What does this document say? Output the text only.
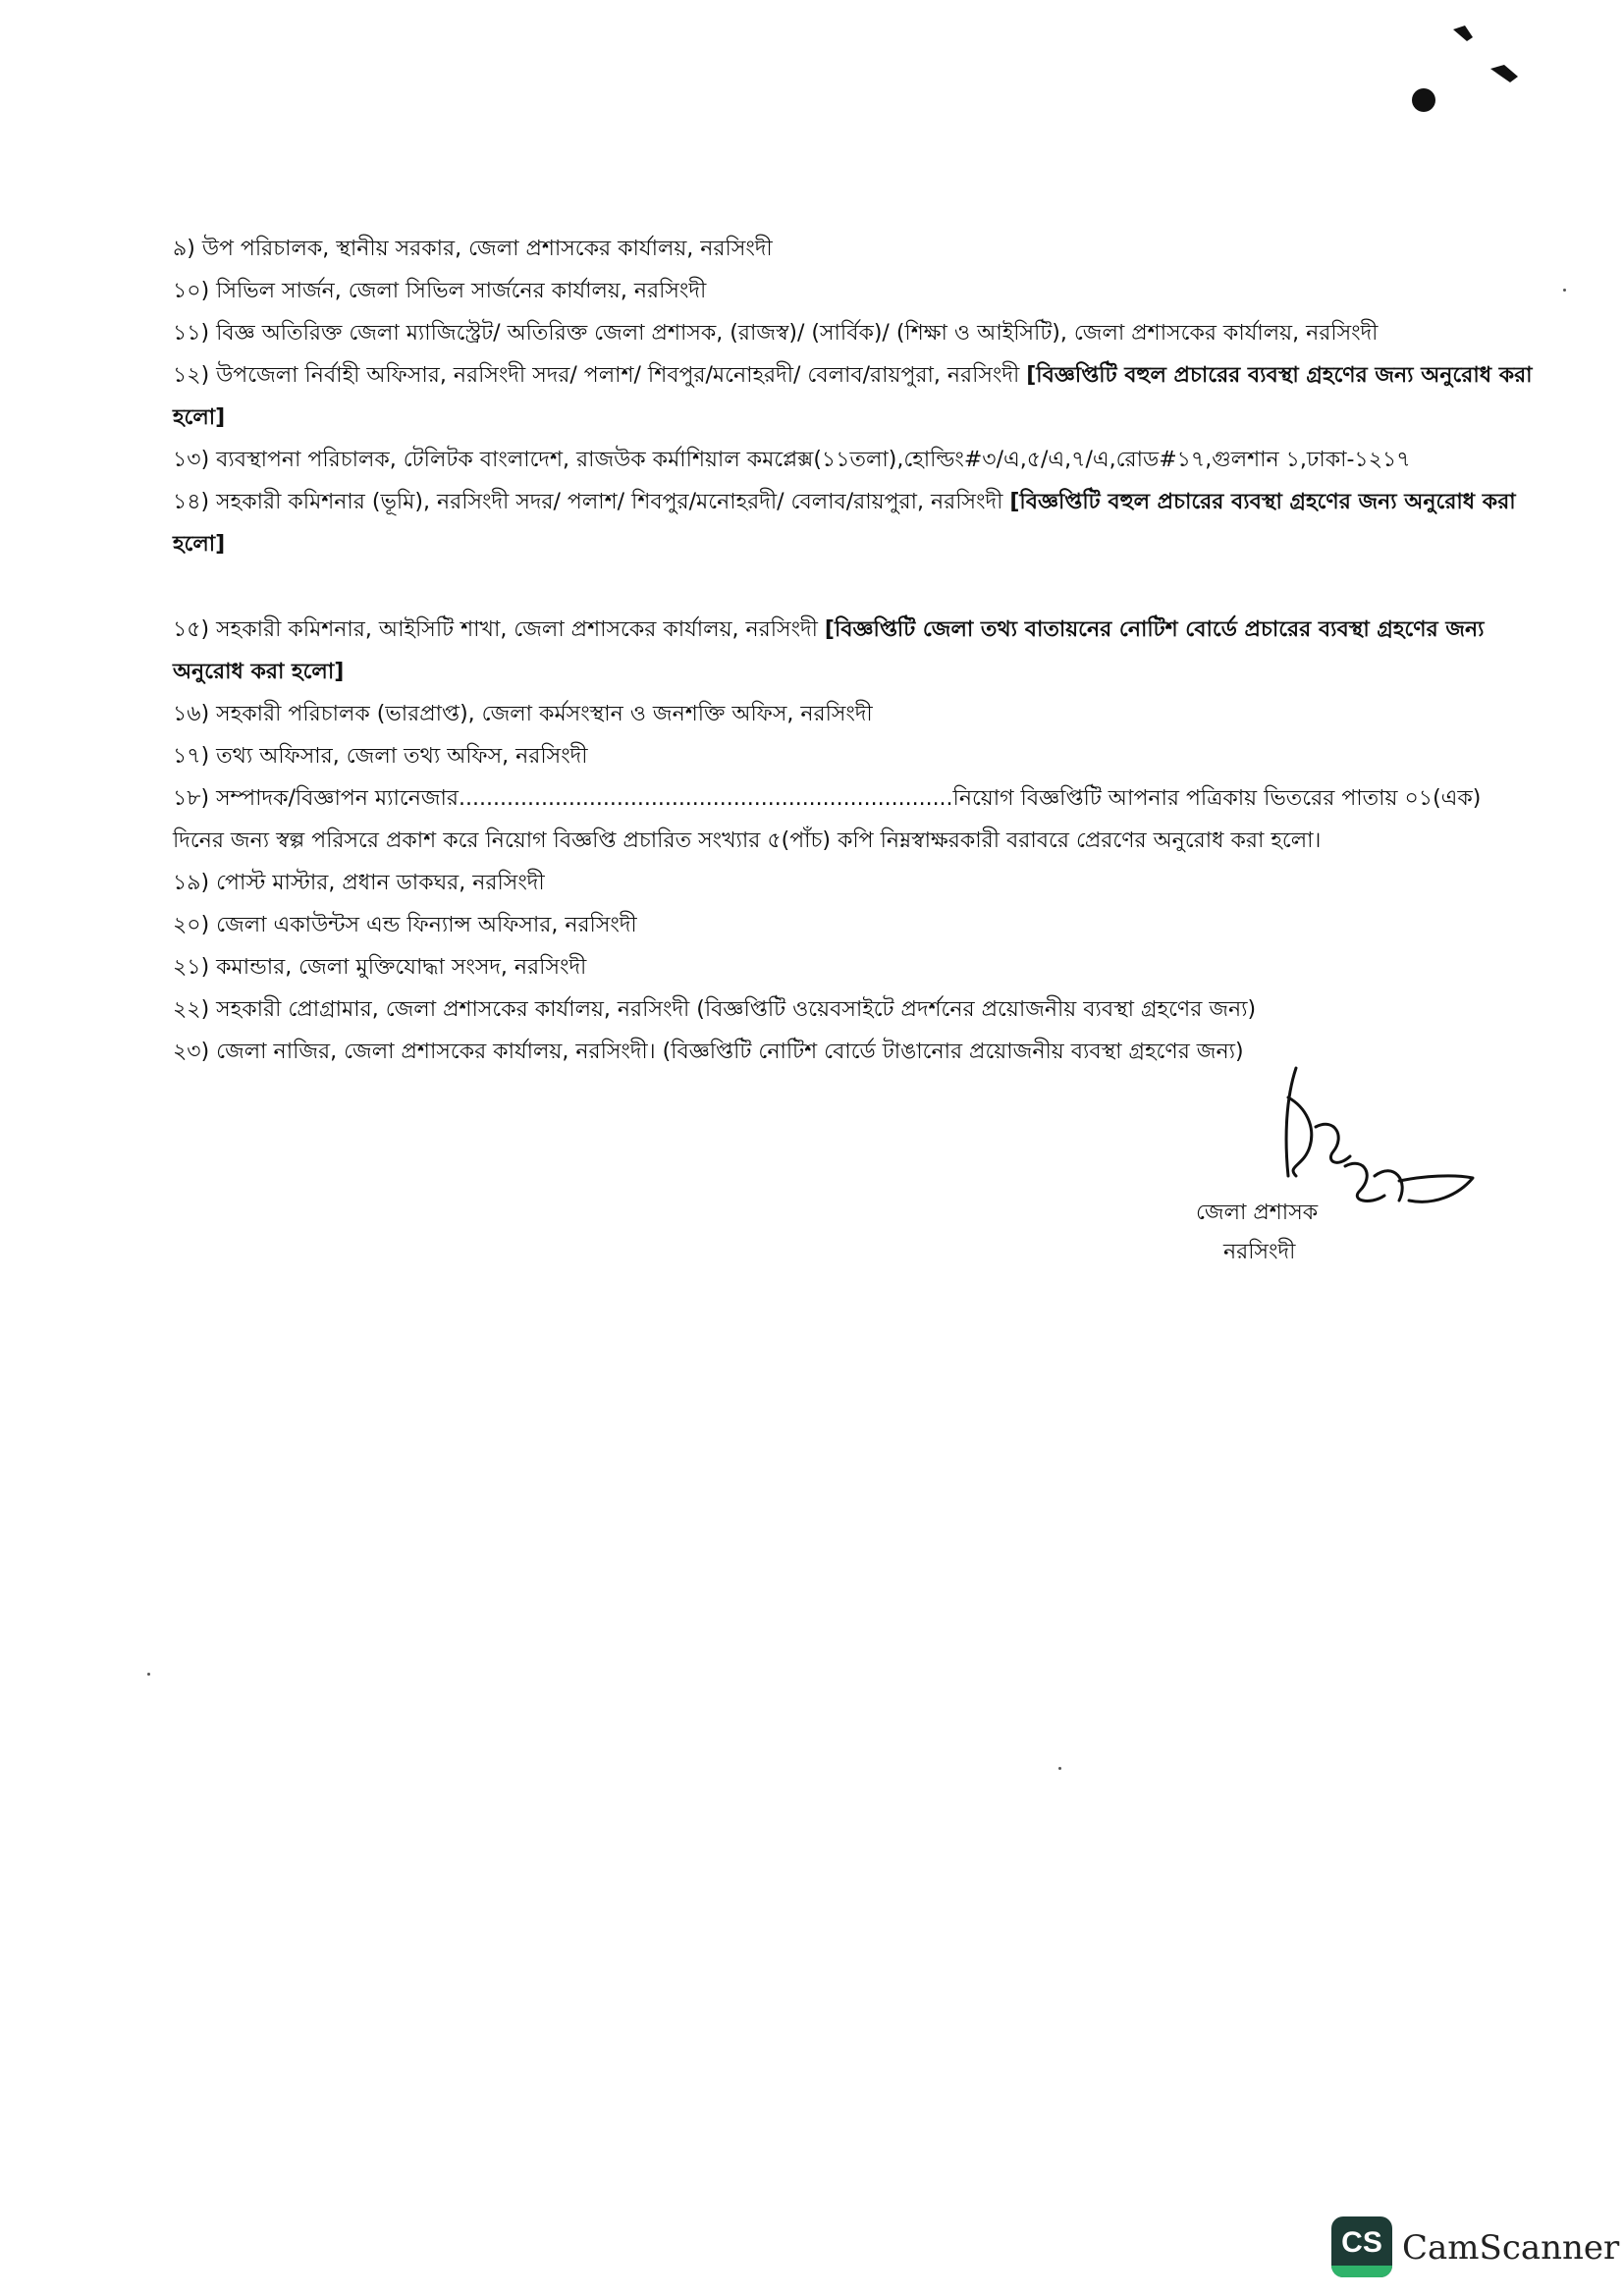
৯) উপ পরিচালক, স্থানীয় সরকার, জেলা প্রশাসকের কার্যালয়, নরসিংদী

১০) সিভিল সার্জন, জেলা সিভিল সার্জনের কার্যালয়, নরসিংদী

১১) বিজ্ঞ অতিরিক্ত জেলা ম্যাজিস্ট্রেট/ অতিরিক্ত জেলা প্রশাসক, (রাজস্ব)/ (সার্বিক)/ (শিক্ষা ও আইসিটি), জেলা প্রশাসকের কার্যালয়, নরসিংদী

১২) উপজেলা নির্বাহী অফিসার, নরসিংদী সদর/ পলাশ/ শিবপুর/মনোহরদী/ বেলাব/রায়পুরা, নরসিংদী [বিজ্ঞপ্তিটি বহুল প্রচারের ব্যবস্থা গ্রহণের জন্য অনুরোধ করা হলো]

১৩) ব্যবস্থাপনা পরিচালক, টেলিটক বাংলাদেশ, রাজউক কর্মাশিয়াল কমপ্লেক্স(১১তলা),হোল্ডিং#৩/এ,৫/এ,৭/এ,রোড#১৭,গুলশান ১,ঢাকা-১২১৭

১৪) সহকারী কমিশনার (ভূমি), নরসিংদী সদর/ পলাশ/ শিবপুর/মনোহরদী/ বেলাব/রায়পুরা, নরসিংদী [বিজ্ঞপ্তিটি বহুল প্রচারের ব্যবস্থা গ্রহণের জন্য অনুরোধ করা হলো]

১৫) সহকারী কমিশনার, আইসিটি শাখা, জেলা প্রশাসকের কার্যালয়, নরসিংদী [বিজ্ঞপ্তিটি জেলা তথ্য বাতায়নের নোটিশ বোর্ডে প্রচারের ব্যবস্থা গ্রহণের জন্য অনুরোধ করা হলো]

১৬) সহকারী পরিচালক (ভারপ্রাপ্ত), জেলা কর্মসংস্থান ও জনশক্তি অফিস, নরসিংদী

১৭) তথ্য অফিসার, জেলা তথ্য অফিস, নরসিংদী

১৮) সম্পাদক/বিজ্ঞাপন ম্যানেজার........................................................................নিয়োগ বিজ্ঞপ্তিটি আপনার পত্রিকায় ভিতরের পাতায় ০১(এক) দিনের জন্য স্বল্প পরিসরে প্রকাশ করে নিয়োগ বিজ্ঞপ্তি প্রচারিত সংখ্যার ৫(পাঁচ) কপি নিম্নস্বাক্ষরকারী বরাবরে প্রেরণের অনুরোধ করা হলো।

১৯) পোস্ট মাস্টার, প্রধান ডাকঘর, নরসিংদী

২০) জেলা একাউন্টস এন্ড ফিন্যান্স অফিসার, নরসিংদী

২১) কমান্ডার, জেলা মুক্তিযোদ্ধা সংসদ, নরসিংদী

২২) সহকারী প্রোগ্রামার, জেলা প্রশাসকের কার্যালয়, নরসিংদী (বিজ্ঞপ্তিটি ওয়েবসাইটে প্রদর্শনের প্রয়োজনীয় ব্যবস্থা গ্রহণের জন্য)

২৩) জেলা নাজির, জেলা প্রশাসকের কার্যালয়, নরসিংদী। (বিজ্ঞপ্তিটি নোটিশ বোর্ডে টাঙানোর প্রয়োজনীয় ব্যবস্থা গ্রহণের জন্য)

জেলা প্রশাসক
নরসিংদী
CS CamScanner
